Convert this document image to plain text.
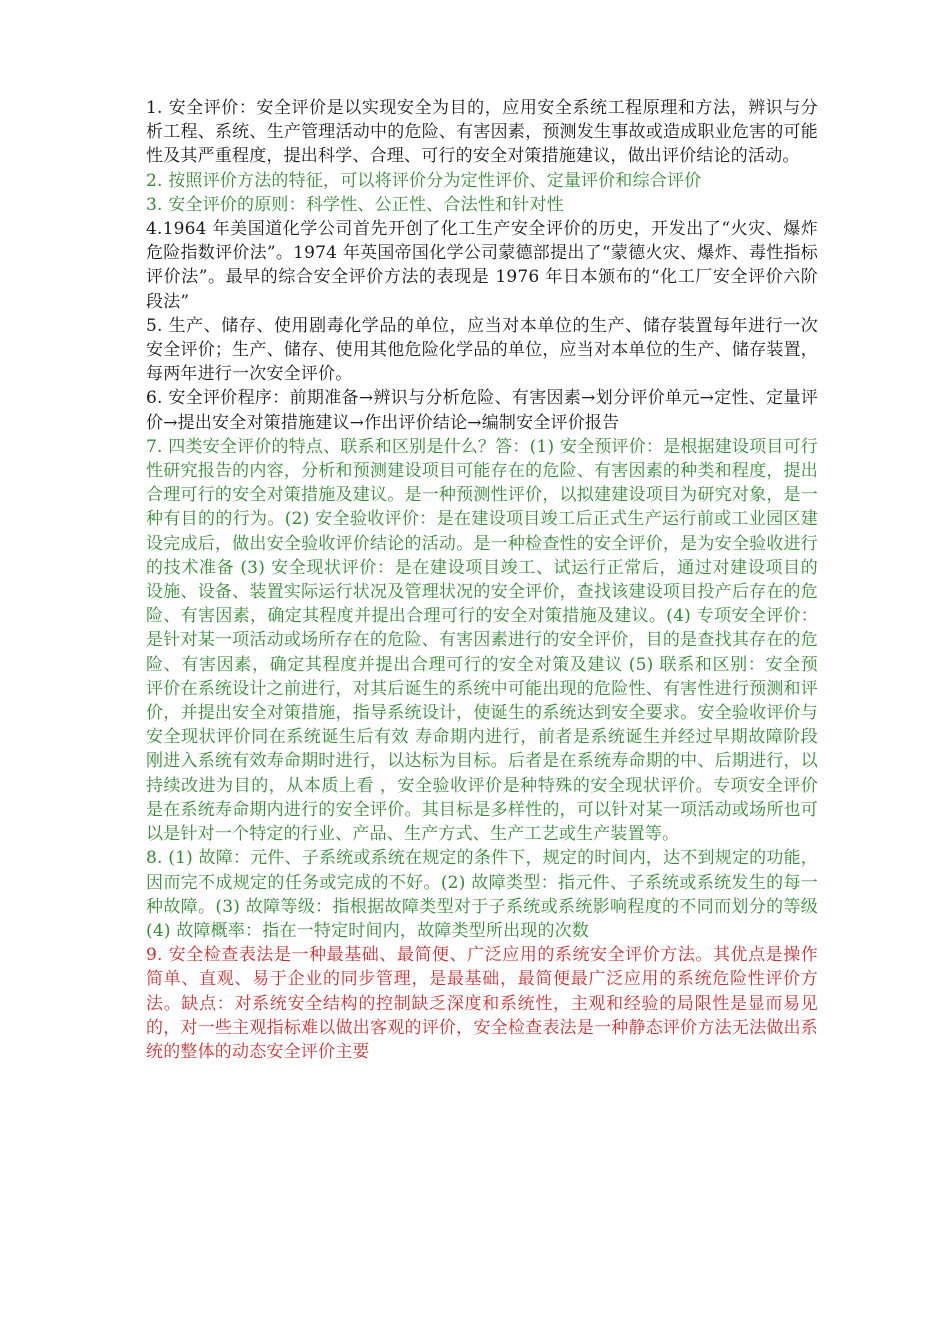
1. 安全评价：安全评价是以实现安全为目的，应用安全系统工程原理和方法，辨识与分析工程、系统、生产管理活动中的危险、有害因素，预测发生事故或造成职业危害的可能性及其严重程度，提出科学、合理、可行的安全对策措施建议，做出评价结论的活动。

2. 按照评价方法的特征，可以将评价分为定性评价、定量评价和综合评价

3. 安全评价的原则：科学性、公正性、合法性和针对性

4.1964 年美国道化学公司首先开创了化工生产安全评价的历史，开发出了“火灾、爆炸危险指数评价法”。1974 年英国帝国化学公司蒙德部提出了“蒙德火灾、爆炸、毒性指标评价法”。最早的综合安全评价方法的表现是 1976 年日本颁布的“化工厂安全评价六阶段法”

5. 生产、储存、使用剧毒化学品的单位，应当对本单位的生产、储存装置每年进行一次安全评价；生产、储存、使用其他危险化学品的单位，应当对本单位的生产、储存装置，每两年进行一次安全评价。

6. 安全评价程序：前期准备→辨识与分析危险、有害因素→划分评价单元→定性、定量评价→提出安全对策措施建议→作出评价结论→编制安全评价报告

7. 四类安全评价的特点、联系和区别是什么？答：(1) 安全预评价：是根据建设项目可行性研究报告的内容，分析和预测建设项目可能存在的危险、有害因素的种类和程度，提出合理可行的安全对策措施及建议。是一种预测性评价，以拟建建设项目为研究对象，是一种有目的的行为。(2) 安全验收评价：是在建设项目竣工后正式生产运行前或工业园区建设完成后，做出安全验收评价结论的活动。是一种检查性的安全评价，是为安全验收进行的技术准备 (3) 安全现状评价：是在建设项目竣工、试运行正常后，通过对建设项目的设施、设备、装置实际运行状况及管理状况的安全评价，查找该建设项目投产后存在的危险、有害因素，确定其程度并提出合理可行的安全对策措施及建议。(4) 专项安全评价：是针对某一项活动或场所存在的危险、有害因素进行的安全评价，目的是查找其存在的危险、有害因素，确定其程度并提出合理可行的安全对策及建议 (5) 联系和区别：安全预评价在系统设计之前进行，对其后诞生的系统中可能出现的危险性、有害性进行预测和评价，并提出安全对策措施，指导系统设计，使诞生的系统达到安全要求。安全验收评价与安全现状评价同在系统诞生后有效 寿命期内进行，前者是系统诞生并经过早期故障阶段刚进入系统有效寿命期时进行，以达标为目标。后者是在系统寿命期的中、后期进行，以持续改进为目的，从本质上看 ，安全验收评价是种特殊的安全现状评价。专项安全评价是在系统寿命期内进行的安全评价。其目标是多样性的，可以针对某一项活动或场所也可以是针对一个特定的行业、产品、生产方式、生产工艺或生产装置等。

8. (1) 故障：元件、子系统或系统在规定的条件下，规定的时间内，达不到规定的功能，因而完不成规定的任务或完成的不好。(2) 故障类型：指元件、子系统或系统发生的每一种故障。(3) 故障等级：指根据故障类型对于子系统或系统影响程度的不同而划分的等级 (4) 故障概率：指在一特定时间内，故障类型所出现的次数

9. 安全检查表法是一种最基础、最简便、广泛应用的系统安全评价方法。其优点是操作简单、直观、易于企业的同步管理，是最基础，最简便最广泛应用的系统危险性评价方法。缺点：对系统安全结构的控制缺乏深度和系统性，主观和经验的局限性是显而易见的，对一些主观指标难以做出客观的评价，安全检查表法是一种静态评价方法无法做出系统的整体的动态安全评价主要
